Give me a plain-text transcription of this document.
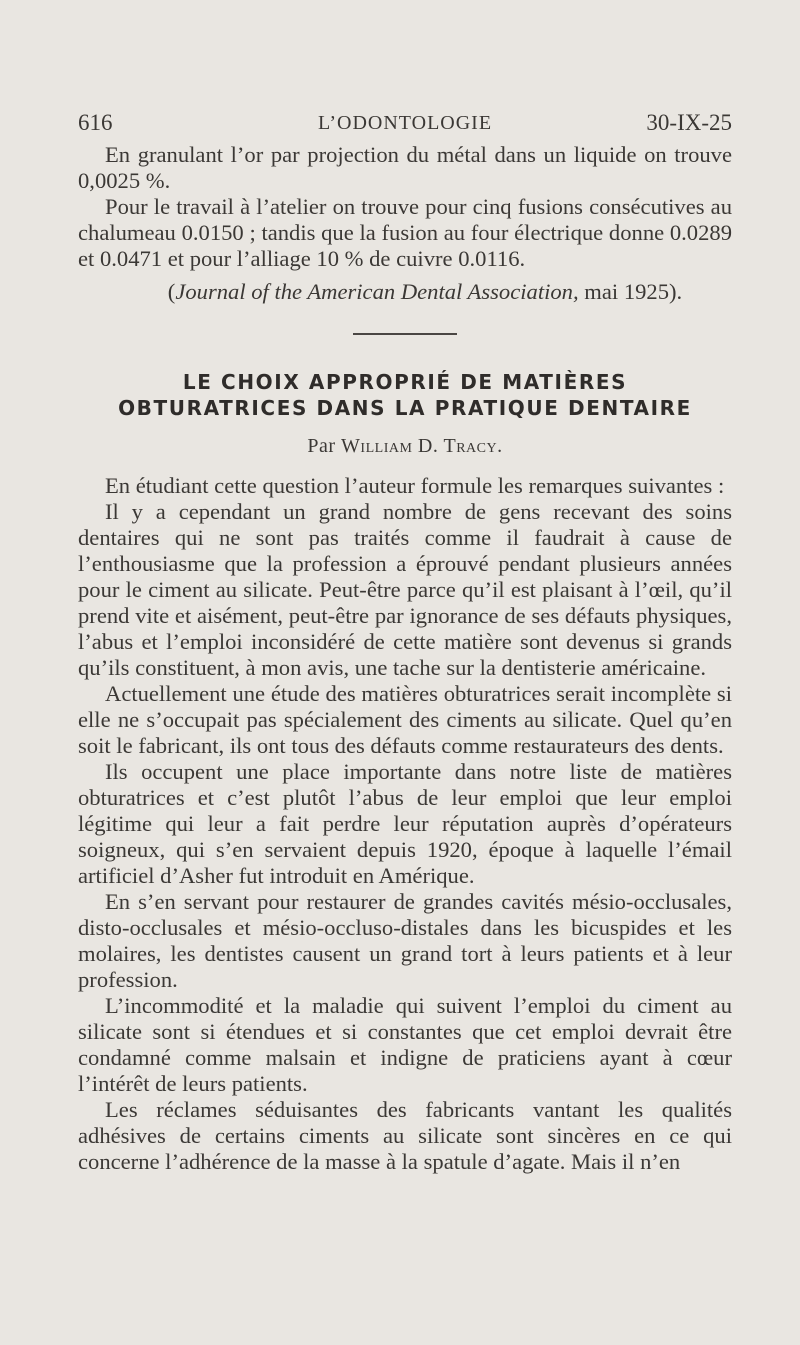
616	L’ODONTOLOGIE	30-IX-25

En granulant l’or par projection du métal dans un liquide on trouve 0,0025 %.

Pour le travail à l’atelier on trouve pour cinq fusions consécutives au chalumeau 0.0150 ; tandis que la fusion au four électrique donne 0.0289 et 0.0471 et pour l’alliage 10 % de cuivre 0.0116.

(Journal of the American Dental Association, mai 1925).

LE CHOIX APPROPRIÉ DE MATIÈRES
OBTURATRICES DANS LA PRATIQUE DENTAIRE
Par William D. Tracy.

En étudiant cette question l’auteur formule les remarques suivantes :

Il y a cependant un grand nombre de gens recevant des soins dentaires qui ne sont pas traités comme il faudrait à cause de l’enthousiasme que la profession a éprouvé pendant plusieurs années pour le ciment au silicate. Peut-être parce qu’il est plaisant à l’œil, qu’il prend vite et aisément, peut-être par ignorance de ses défauts physiques, l’abus et l’emploi inconsidéré de cette matière sont devenus si grands qu’ils constituent, à mon avis, une tache sur la dentisterie américaine.

Actuellement une étude des matières obturatrices serait incomplète si elle ne s’occupait pas spécialement des ciments au silicate. Quel qu’en soit le fabricant, ils ont tous des défauts comme restaurateurs des dents.

Ils occupent une place importante dans notre liste de matières obturatrices et c’est plutôt l’abus de leur emploi que leur emploi légitime qui leur a fait perdre leur réputation auprès d’opérateurs soigneux, qui s’en servaient depuis 1920, époque à laquelle l’émail artificiel d’Asher fut introduit en Amérique.

En s’en servant pour restaurer de grandes cavités mésio-occlusales, disto-occlusales et mésio-occluso-distales dans les bicuspides et les molaires, les dentistes causent un grand tort à leurs patients et à leur profession.

L’incommodité et la maladie qui suivent l’emploi du ciment au silicate sont si étendues et si constantes que cet emploi devrait être condamné comme malsain et indigne de praticiens ayant à cœur l’intérêt de leurs patients.

Les réclames séduisantes des fabricants vantant les qualités adhésives de certains ciments au silicate sont sincères en ce qui concerne l’adhérence de la masse à la spatule d’agate. Mais il n’en
